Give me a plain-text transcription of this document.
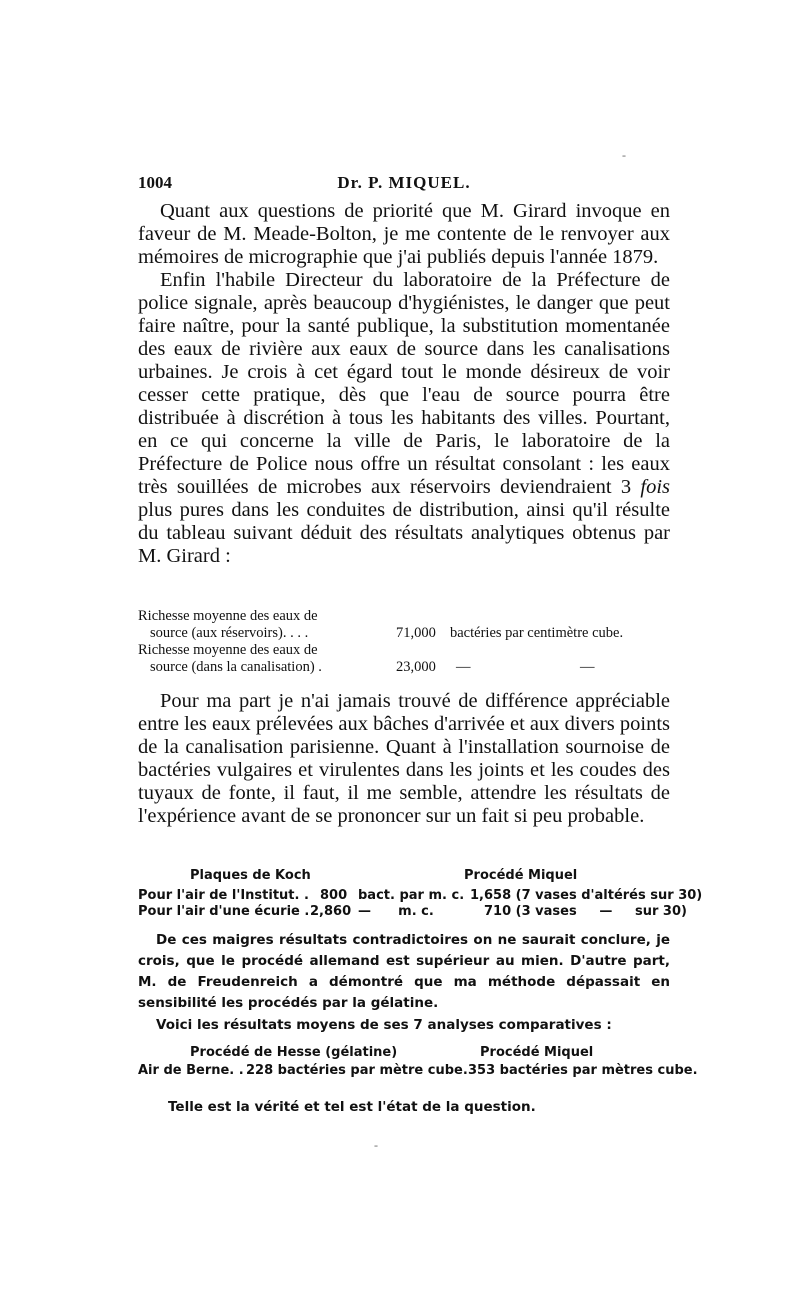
1004	Dr. P. MIQUEL.

Quant aux questions de priorité que M. Girard invoque en faveur de M. Meade-Bolton, je me contente de le renvoyer aux mémoires de micrographie que j'ai publiés depuis l'année 1879.

Enfin l'habile Directeur du laboratoire de la Préfecture de police signale, après beaucoup d'hygiénistes, le danger que peut faire naître, pour la santé publique, la substitution momentanée des eaux de rivière aux eaux de source dans les canalisations urbaines. Je crois à cet égard tout le monde désireux de voir cesser cette pratique, dès que l'eau de source pourra être distribuée à discrétion à tous les habitants des villes. Pourtant, en ce qui concerne la ville de Paris, le laboratoire de la Préfecture de Police nous offre un résultat consolant : les eaux très souillées de microbes aux réservoirs deviendraient 3 fois plus pures dans les conduites de distribution, ainsi qu'il résulte du tableau suivant déduit des résultats analytiques obtenus par M. Girard :

Richesse moyenne des eaux de
source (aux réservoirs). . . .	71,000 bactéries par centimètre cube.
Richesse moyenne des eaux de
source (dans la canalisation) .	23,000 —	—

Pour ma part je n'ai jamais trouvé de différence appréciable entre les eaux prélevées aux bâches d'arrivée et aux divers points de la canalisation parisienne. Quant à l'installation sournoise de bactéries vulgaires et virulentes dans les joints et les coudes des tuyaux de fonte, il faut, il me semble, attendre les résultats de l'expérience avant de se prononcer sur un fait si peu probable.

Plaques de Koch	Procédé Miquel
Pour l'air de l'Institut. . 800 bact. par m. c. 1,658 (7 vases d'altérés sur 30)
Pour l'air d'une écurie . 2,860 —      m. c.	710 (3 vases     —     sur 30)

De ces maigres résultats contradictoires on ne saurait conclure, je crois, que le procédé allemand est supérieur au mien. D'autre part, M. de Freudenreich a démontré que ma méthode dépassait en sensibilité les procédés par la gélatine.

Voici les résultats moyens de ses 7 analyses comparatives :

Procédé de Hesse (gélatine)	Procédé Miquel
Air de Berne. . 228 bactéries par mètre cube. 353 bactéries par mètres cube.

Telle est la vérité et tel est l'état de la question.

-
-
